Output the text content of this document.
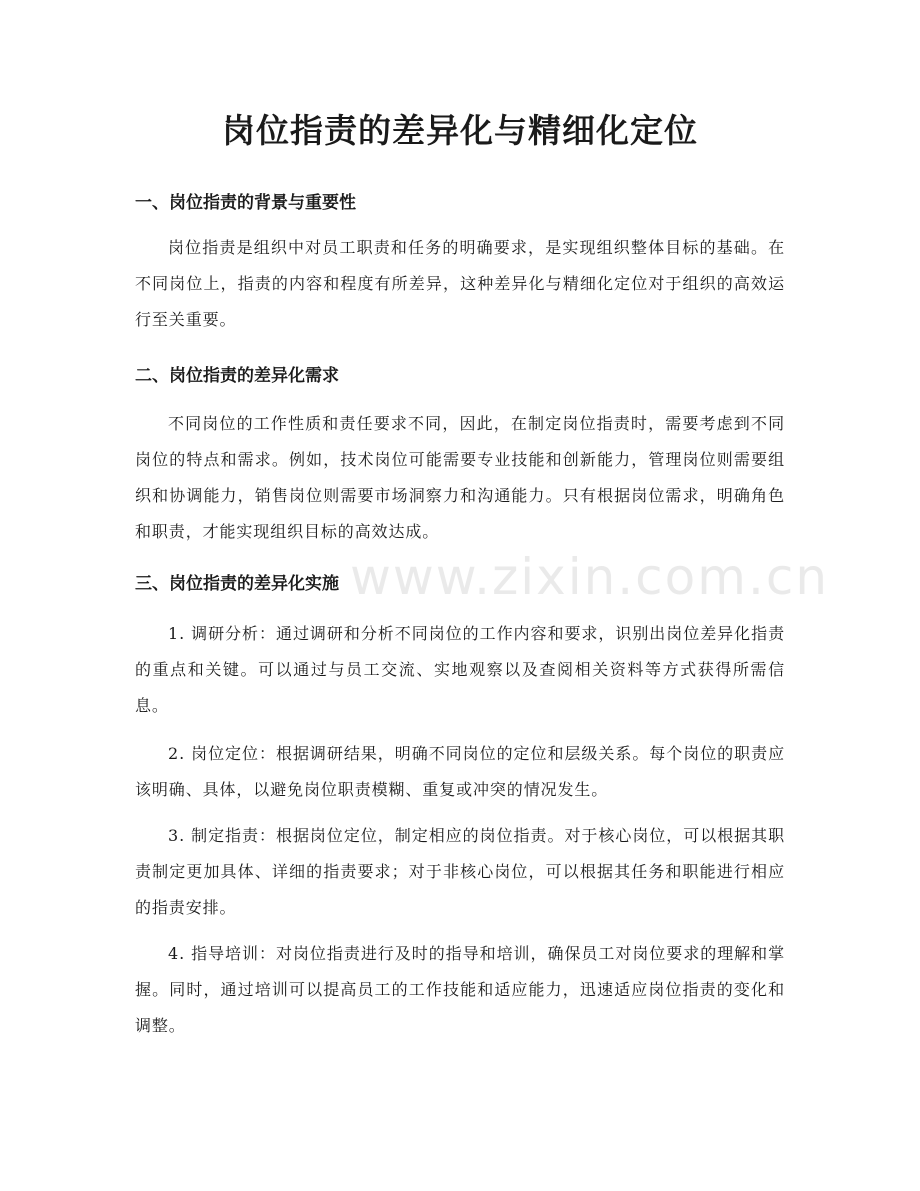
岗位指责的差异化与精细化定位
一、岗位指责的背景与重要性

岗位指责是组织中对员工职责和任务的明确要求，是实现组织整体目标的基础。在不同岗位上，指责的内容和程度有所差异，这种差异化与精细化定位对于组织的高效运行至关重要。

二、岗位指责的差异化需求

不同岗位的工作性质和责任要求不同，因此，在制定岗位指责时，需要考虑到不同岗位的特点和需求。例如，技术岗位可能需要专业技能和创新能力，管理岗位则需要组织和协调能力，销售岗位则需要市场洞察力和沟通能力。只有根据岗位需求，明确角色和职责，才能实现组织目标的高效达成。

三、岗位指责的差异化实施

1. 调研分析：通过调研和分析不同岗位的工作内容和要求，识别出岗位差异化指责的重点和关键。可以通过与员工交流、实地观察以及查阅相关资料等方式获得所需信息。

2. 岗位定位：根据调研结果，明确不同岗位的定位和层级关系。每个岗位的职责应该明确、具体，以避免岗位职责模糊、重复或冲突的情况发生。

3. 制定指责：根据岗位定位，制定相应的岗位指责。对于核心岗位，可以根据其职责制定更加具体、详细的指责要求；对于非核心岗位，可以根据其任务和职能进行相应的指责安排。

4. 指导培训：对岗位指责进行及时的指导和培训，确保员工对岗位要求的理解和掌握。同时，通过培训可以提高员工的工作技能和适应能力，迅速适应岗位指责的变化和调整。

www.zixin.com.cn
